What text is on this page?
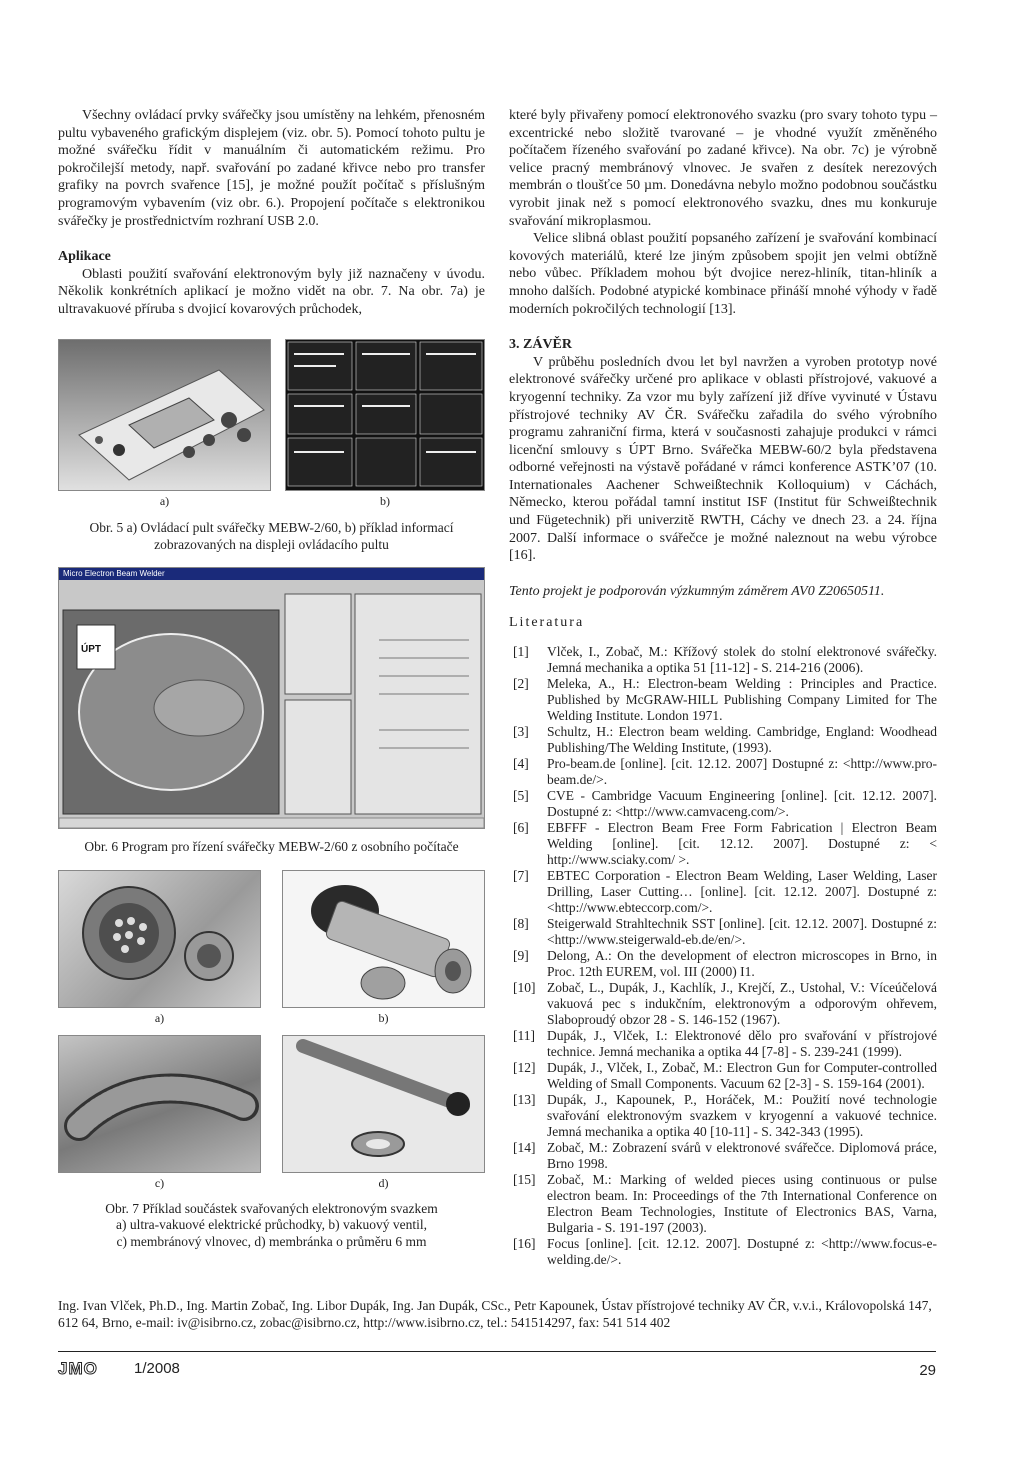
Všechny ovládací prvky svářečky jsou umístěny na lehkém, přenosném pultu vybaveného grafickým displejem (viz. obr. 5). Pomocí tohoto pultu je možné svářečku řídit v manuálním či automatickém režimu. Pro pokročilejší metody, např. svařování po zadané křivce nebo pro transfer grafiky na povrch svařence [15], je možné použít počítač s příslušným programovým vybavením (viz obr. 6.). Propojení počítače s elektronikou svářečky je prostřednictvím rozhraní USB 2.0.

Aplikace

Oblasti použití svařování elektronovým byly již naznačeny v úvodu. Několik konkrétních aplikací je možno vidět na obr. 7. Na obr. 7a) je ultravakuové příruba s dvojicí kovarových průchodek,

a)	b)

Obr. 5 a) Ovládací pult svářečky MEBW-2/60, b) příklad informací zobrazovaných na displeji ovládacího pultu

Micro Electron Beam Welder
ÚPT

Obr. 6 Program pro řízení svářečky MEBW-2/60 z osobního počítače

a)	b)
c)	d)
Obr. 7 Příklad součástek svařovaných elektronovým svazkem
a) ultra-vakuové elektrické průchodky, b) vakuový ventil,
c) membránový vlnovec, d) membránka o průměru 6 mm

které byly přivařeny pomocí elektronového svazku (pro svary tohoto typu – excentrické nebo složitě tvarované – je vhodné využít změněného počítačem řízeného svařování po zadané křivce). Na obr. 7c) je výrobně velice pracný membránový vlnovec. Je svařen z desítek nerezových membrán o tloušťce 50 µm. Donedávna nebylo možno podobnou součástku vyrobit jinak než s pomocí elektronového svazku, dnes mu konkuruje svařování mikroplasmou.

Velice slibná oblast použití popsaného zařízení je svařování kombinací kovových materiálů, které lze jiným způsobem spojit jen velmi obtížně nebo vůbec. Příkladem mohou být dvojice nerez-hliník, titan-hliník a mnoho dalších. Podobné atypické kombinace přináší mnohé výhody v řadě moderních pokročilých technologií [13].

3. ZÁVĚR

V průběhu posledních dvou let byl navržen a vyroben prototyp nové elektronové svářečky určené pro aplikace v oblasti přístrojové, vakuové a kryogenní techniky. Za vzor mu byly zařízení již dříve vyvinuté v Ústavu přístrojové techniky AV ČR. Svářečku zařadila do svého výrobního programu zahraniční firma, která v současnosti zahajuje produkci v rámci licenční smlouvy s ÚPT Brno. Svářečka MEBW-60/2 byla představena odborné veřejnosti na výstavě pořádané v rámci konference ASTK’07 (10. Internationales Aachener Schweißtechnik Kolloquium) v Cáchách, Německo, kterou pořádal tamní institut ISF (Institut für Schweißtechnik und Fügetechnik) při univerzitě RWTH, Cáchy ve dnech 23. a 24. října 2007. Další informace o svářečce je možné naleznout na webu výrobce [16].

Tento projekt je podporován výzkumným záměrem AV0 Z20650511.

Literatura
[1] Vlček, I., Zobač, M.: Křížový stolek do stolní elektronové svářečky. Jemná mechanika a optika 51 [11-12] - S. 214-216 (2006).
[2] Meleka, A., H.: Electron-beam Welding : Principles and Practice. Published by McGRAW-HILL Publishing Company Limited for The Welding Institute. London 1971.
[3] Schultz, H.: Electron beam welding. Cambridge, England: Woodhead Publishing/The Welding Institute, (1993).
[4] Pro-beam.de [online]. [cit. 12.12. 2007] Dostupné z: <http://www.pro-beam.de/>.
[5] CVE - Cambridge Vacuum Engineering [online]. [cit. 12.12. 2007]. Dostupné z: <http://www.camvaceng.com/>.
[6] EBFFF - Electron Beam Free Form Fabrication | Electron Beam Welding [online]. [cit. 12.12. 2007]. Dostupné z: < http://www.sciaky.com/ >.
[7] EBTEC Corporation - Electron Beam Welding, Laser Welding, Laser Drilling, Laser Cutting… [online]. [cit. 12.12. 2007]. Dostupné z:<http://www.ebteccorp.com/>.
[8] Steigerwald Strahltechnik SST [online]. [cit. 12.12. 2007]. Dostupné z: <http://www.steigerwald-eb.de/en/>.
[9] Delong, A.: On the development of electron microscopes in Brno, in Proc. 12th EUREM, vol. III (2000) I1.
[10] Zobač, L., Dupák, J., Kachlík, J., Krejčí, Z., Ustohal, V.: Víceúčelová vakuová pec s indukčním, elektronovým a odporovým ohřevem, Slaboproudý obzor 28 - S. 146-152 (1967).
[11] Dupák, J., Vlček, I.: Elektronové dělo pro svařování v přístrojové technice. Jemná mechanika a optika 44 [7-8] - S. 239-241 (1999).
[12] Dupák, J., Vlček, I., Zobač, M.: Electron Gun for Computer-controlled Welding of Small Components. Vacuum 62 [2-3] - S. 159-164 (2001).
[13] Dupák, J., Kapounek, P., Horáček, M.: Použití nové technologie svařování elektronovým svazkem v kryogenní a vakuové technice. Jemná mechanika a optika 40 [10-11] - S. 342-343 (1995).
[14] Zobač, M.: Zobrazení svárů v elektronové svářečce. Diplomová práce, Brno 1998.
[15] Zobač, M.: Marking of welded pieces using continuous or pulse electron beam. In: Proceedings of the 7th International Conference on Electron Beam Technologies, Institute of Electronics BAS, Varna, Bulgaria - S. 191-197 (2003).
[16] Focus [online]. [cit. 12.12. 2007]. Dostupné z: <http://www.focus-e-welding.de/>.
Ing. Ivan Vlček, Ph.D., Ing. Martin Zobač, Ing. Libor Dupák, Ing. Jan Dupák, CSc., Petr Kapounek, Ústav přístrojové techniky AV ČR, v.v.i., Královopolská 147, 612 64, Brno, e-mail: iv@isibrno.cz, zobac@isibrno.cz, http://www.isibrno.cz, tel.: 541514297, fax: 541 514 402
JMO 1/2008	29
